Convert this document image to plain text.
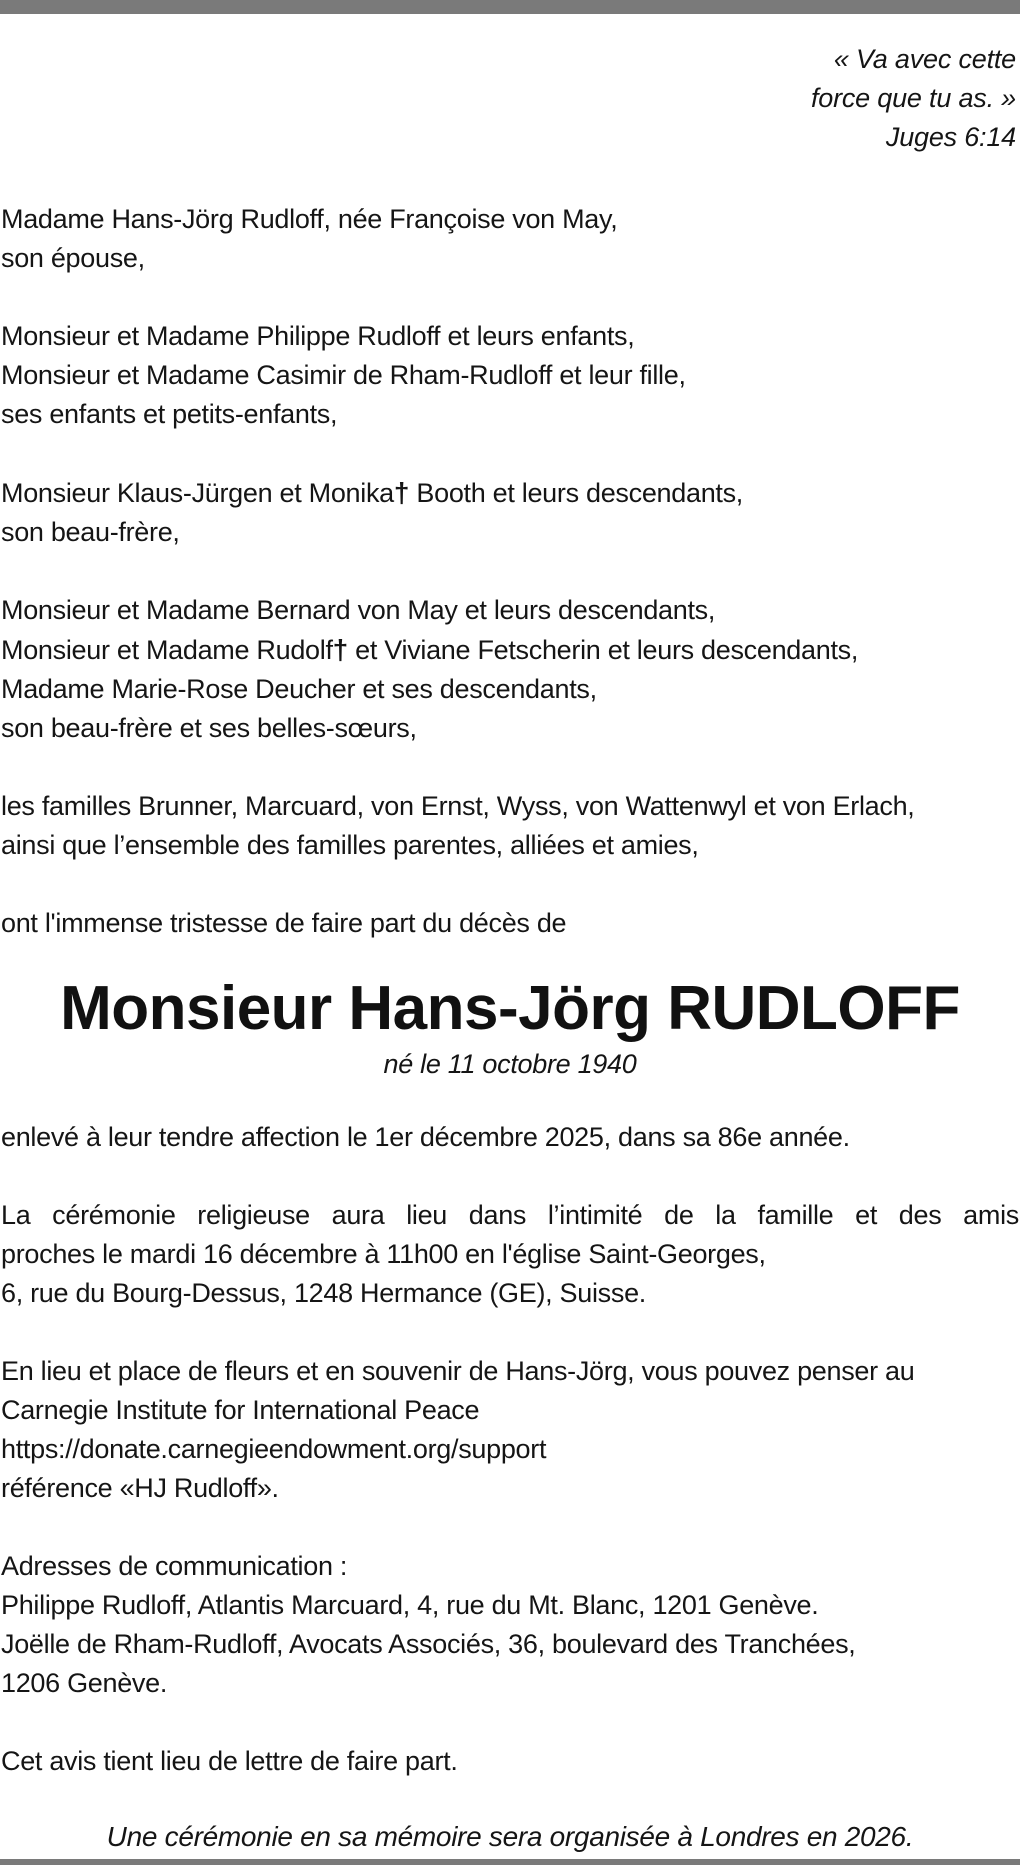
« Va avec cette
force que tu as. »
Juges 6:14
Madame Hans-Jörg Rudloff, née Françoise von May,
son épouse,
Monsieur et Madame Philippe Rudloff et leurs enfants,
Monsieur et Madame Casimir de Rham-Rudloff et leur fille,
ses enfants et petits-enfants,
Monsieur Klaus-Jürgen et Monika† Booth et leurs descendants,
son beau-frère,
Monsieur et Madame Bernard von May et leurs descendants,
Monsieur et Madame Rudolf† et Viviane Fetscherin et leurs descendants,
Madame Marie-Rose Deucher et ses descendants,
son beau-frère et ses belles-sœurs,
les familles Brunner, Marcuard, von Ernst, Wyss, von Wattenwyl et von Erlach,
ainsi que l’ensemble des familles parentes, alliées et amies,
ont l'immense tristesse de faire part du décès de
Monsieur Hans-Jörg RUDLOFF
né le 11 octobre 1940
enlevé à leur tendre affection le 1er décembre 2025, dans sa 86e année.
La cérémonie religieuse aura lieu dans l’intimité de la famille et des amis
proches le mardi 16 décembre à 11h00 en l'église Saint-Georges,
6, rue du Bourg-Dessus, 1248 Hermance (GE), Suisse.
En lieu et place de fleurs et en souvenir de Hans-Jörg, vous pouvez penser au
Carnegie Institute for International Peace
https://donate.carnegieendowment.org/support
référence «HJ Rudloff».
Adresses de communication :
Philippe Rudloff, Atlantis Marcuard, 4, rue du Mt. Blanc, 1201 Genève.
Joëlle de Rham-Rudloff, Avocats Associés, 36, boulevard des Tranchées,
1206 Genève.
Cet avis tient lieu de lettre de faire part.
Une cérémonie en sa mémoire sera organisée à Londres en 2026.
